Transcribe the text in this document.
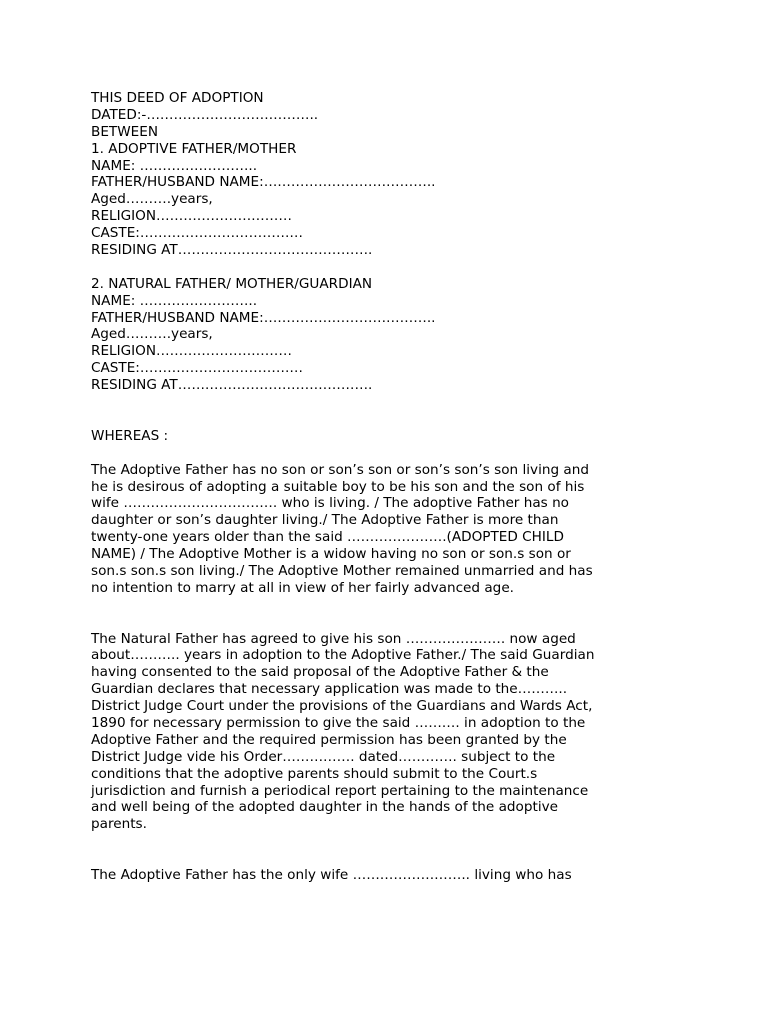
THIS DEED OF ADOPTION
DATED:-………………………………..
BETWEEN
1. ADOPTIVE FATHER/MOTHER
NAME: ……………………..
FATHER/HUSBAND NAME:………………………………..
Aged……….years,
RELIGION…………………………
CASTE:………………………………
RESIDING AT…………………………………….
2. NATURAL FATHER/ MOTHER/GUARDIAN
NAME: ……………………..
FATHER/HUSBAND NAME:………………………………..
Aged……….years,
RELIGION…………………………
CASTE:………………………………
RESIDING AT…………………………………….
WHEREAS :
The Adoptive Father has no son or son’s son or son’s son’s son living and
he is desirous of adopting a suitable boy to be his son and the son of his
wife ……………………………. who is living. / The adoptive Father has no
daughter or son’s daughter living./ The Adoptive Father is more than
twenty-one years older than the said ………………….(ADOPTED CHILD
NAME) / The Adoptive Mother is a widow having no son or son.s son or
son.s son.s son living./ The Adoptive Mother remained unmarried and has
no intention to marry at all in view of her fairly advanced age.
The Natural Father has agreed to give his son …………………. now aged
about……….. years in adoption to the Adoptive Father./ The said Guardian
having consented to the said proposal of the Adoptive Father & the
Guardian declares that necessary application was made to the………..
District Judge Court under the provisions of the Guardians and Wards Act,
1890 for necessary permission to give the said ………. in adoption to the
Adoptive Father and the required permission has been granted by the
District Judge vide his Order……………. dated…………. subject to the
conditions that the adoptive parents should submit to the Court.s
jurisdiction and furnish a periodical report pertaining to the maintenance
and well being of the adopted daughter in the hands of the adoptive
parents.
The Adoptive Father has the only wife …………………….. living who has
